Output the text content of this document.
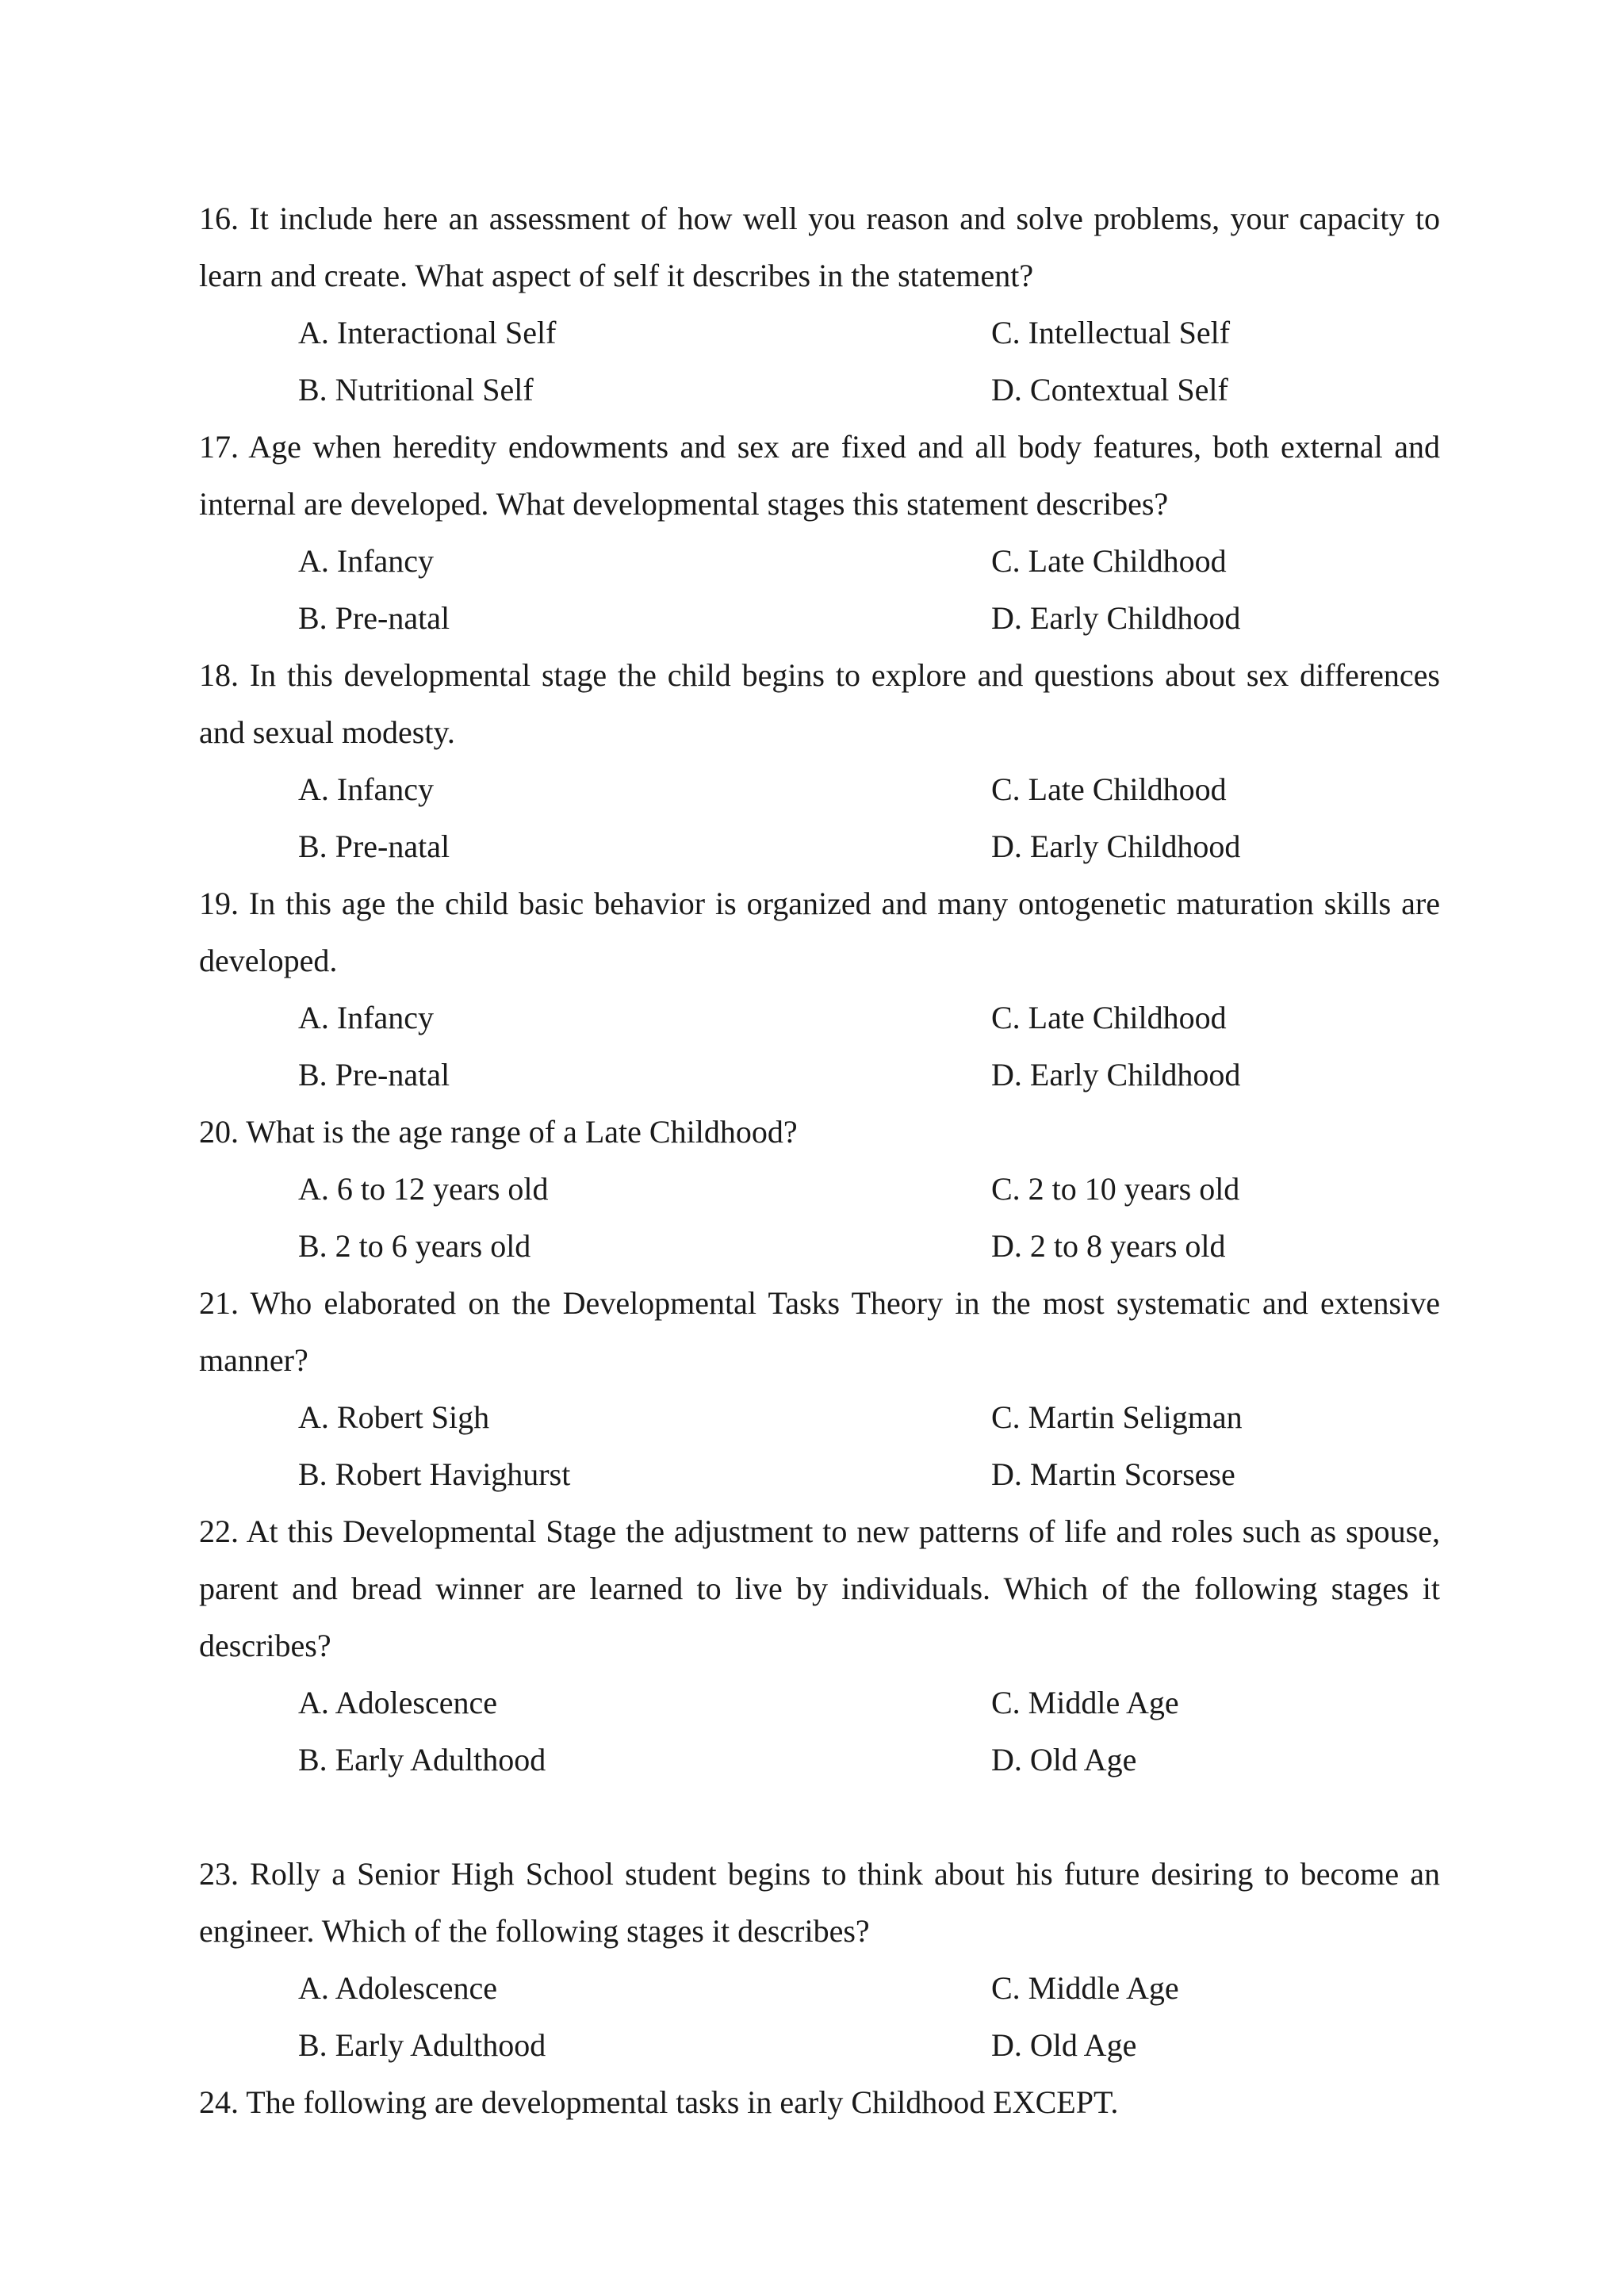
16. It include here an assessment of how well you reason and solve problems, your capacity to learn and create. What aspect of self it describes in the statement?

A. Interactional Self	C. Intellectual Self
B. Nutritional Self	D. Contextual Self

17. Age when heredity endowments and sex are fixed and all body features, both external and internal are developed. What developmental stages this statement describes?

A. Infancy	C. Late Childhood
B. Pre-natal	D. Early Childhood

18. In this developmental stage the child begins to explore and questions about sex differences and sexual modesty.

A. Infancy	C. Late Childhood
B. Pre-natal	D. Early Childhood

19. In this age the child basic behavior is organized and many ontogenetic maturation skills are developed.

A. Infancy	C. Late Childhood
B. Pre-natal	D. Early Childhood

20. What is the age range of a Late Childhood?

A. 6 to 12 years old	C. 2 to 10 years old
B. 2 to 6 years old	D. 2 to 8 years old

21. Who elaborated on the Developmental Tasks Theory in the most systematic and extensive manner?

A. Robert Sigh	C. Martin Seligman
B. Robert Havighurst	D. Martin Scorsese

22. At this Developmental Stage the adjustment to new patterns of life and roles such as spouse, parent and bread winner are learned to live by individuals. Which of the following stages it describes?

A. Adolescence	C. Middle Age
B. Early Adulthood	D. Old Age

23. Rolly a Senior High School student begins to think about his future desiring to become an engineer. Which of the following stages it describes?

A. Adolescence	C. Middle Age
B. Early Adulthood	D. Old Age

24. The following are developmental tasks in early Childhood EXCEPT.
